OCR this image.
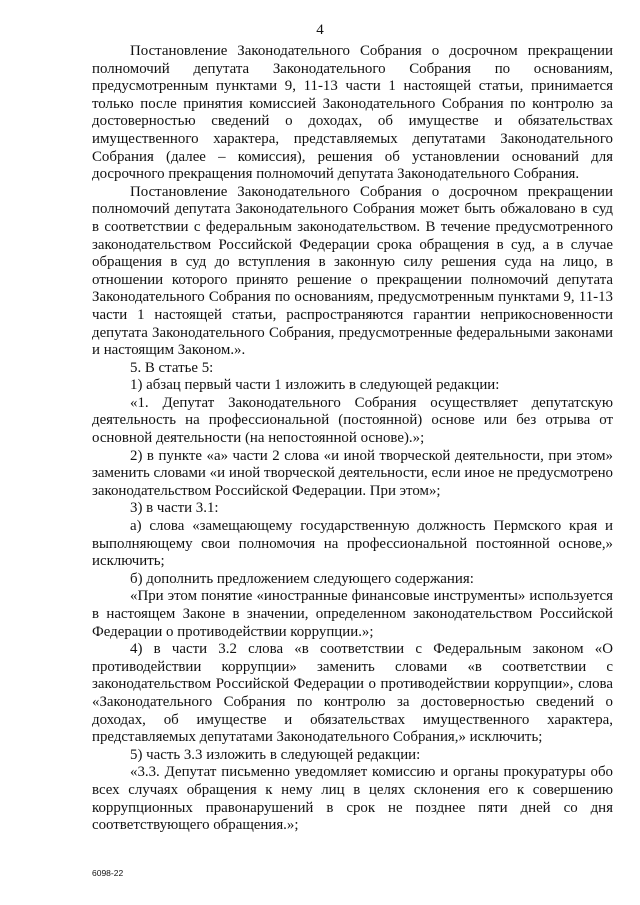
4

Постановление Законодательного Собрания о досрочном прекращении полномочий депутата Законодательного Собрания по основаниям, предусмотренным пунктами 9, 11-13 части 1 настоящей статьи, принимается только после принятия комиссией Законодательного Собрания по контролю за достоверностью сведений о доходах, об имуществе и обязательствах имущественного характера, представляемых депутатами Законодательного Собрания (далее – комиссия), решения об установлении оснований для досрочного прекращения полномочий депутата Законодательного Собрания.

Постановление Законодательного Собрания о досрочном прекращении полномочий депутата Законодательного Собрания может быть обжаловано в суд в соответствии с федеральным законодательством. В течение предусмотренного законодательством Российской Федерации срока обращения в суд, а в случае обращения в суд до вступления в законную силу решения суда на лицо, в отношении которого принято решение о прекращении полномочий депутата Законодательного Собрания по основаниям, предусмотренным пунктами 9, 11-13 части 1 настоящей статьи, распространяются гарантии неприкосновенности депутата Законодательного Собрания, предусмотренные федеральными законами и настоящим Законом.».

5. В статье 5:

1) абзац первый части 1 изложить в следующей редакции:

«1. Депутат Законодательного Собрания осуществляет депутатскую деятельность на профессиональной (постоянной) основе или без отрыва от основной деятельности (на непостоянной основе).»;

2) в пункте «а» части 2 слова «и иной творческой деятельности, при этом» заменить словами «и иной творческой деятельности, если иное не предусмотрено законодательством Российской Федерации. При этом»;

3) в части 3.1:

а) слова «замещающему государственную должность Пермского края и выполняющему свои полномочия на профессиональной постоянной основе,» исключить;

б) дополнить предложением следующего содержания:

«При этом понятие «иностранные финансовые инструменты» используется в настоящем Законе в значении, определенном законодательством Российской Федерации о противодействии коррупции.»;

4) в части 3.2 слова «в соответствии с Федеральным законом «О противодействии коррупции» заменить словами «в соответствии с законодательством Российской Федерации о противодействии коррупции», слова «Законодательного Собрания по контролю за достоверностью сведений о доходах, об имуществе и обязательствах имущественного характера, представляемых депутатами Законодательного Собрания,» исключить;

5) часть 3.3 изложить в следующей редакции:

«3.3. Депутат письменно уведомляет комиссию и органы прокуратуры обо всех случаях обращения к нему лиц в целях склонения его к совершению коррупционных правонарушений в срок не позднее пяти дней со дня соответствующего обращения.»;

6098-22
